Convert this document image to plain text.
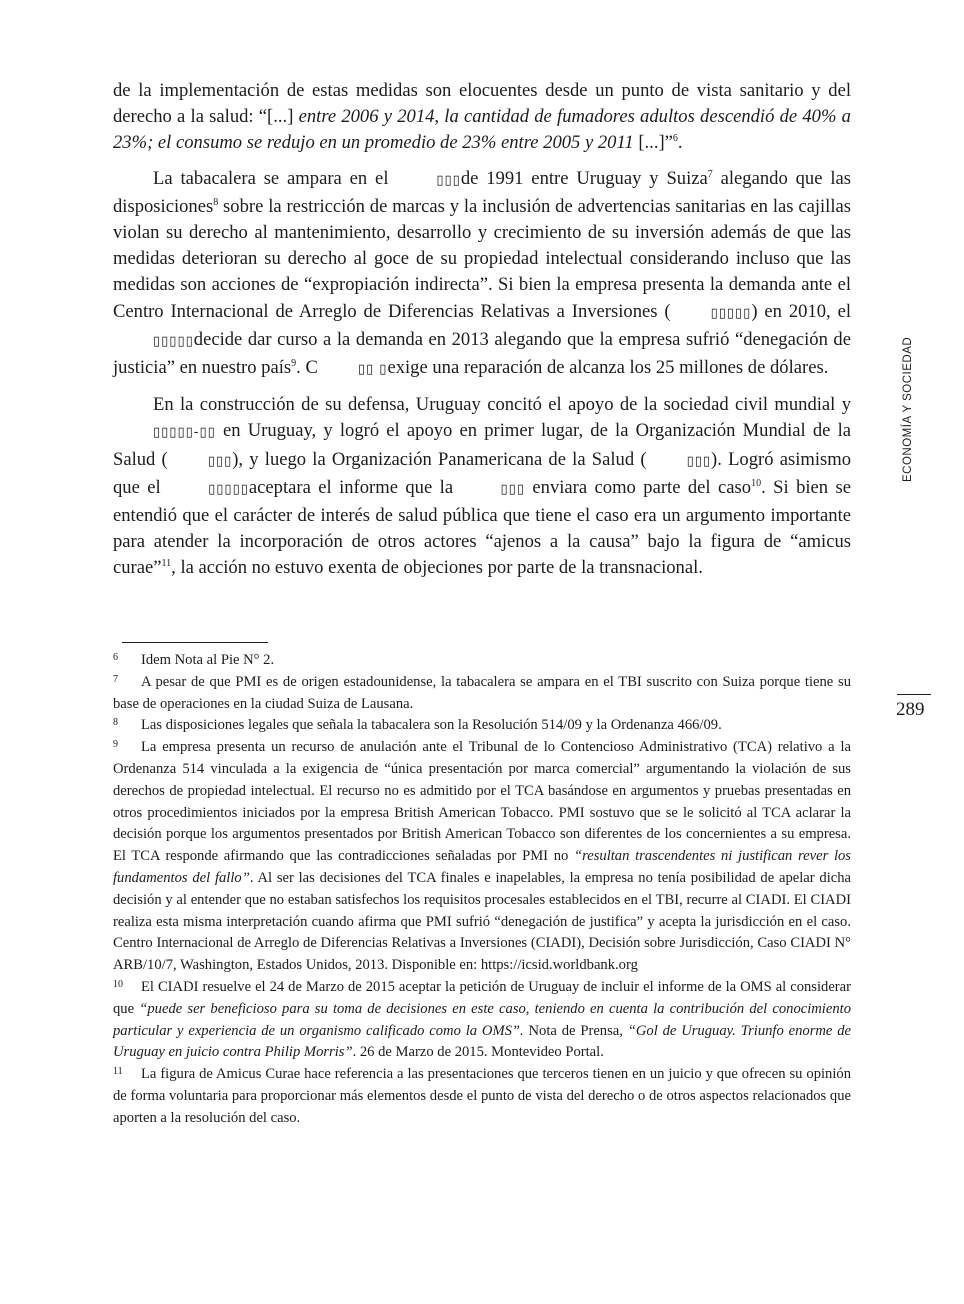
de la implementación de estas medidas son elocuentes desde un punto de vista sanitario y del derecho a la salud: “[...] entre 2006 y 2014, la cantidad de fumadores adultos descendió de 40% a 23%; el consumo se redujo en un promedio de 23% entre 2005 y 2011 [...]”$^6$.

La tabacalera se ampara en el	▯▯▯de 1991 entre Uruguay y Suiza$^7$ alegando que las disposiciones$^8$ sobre la restricción de marcas y la inclusión de advertencias sanitarias en las cajillas violan su derecho al mantenimiento, desarrollo y crecimiento de su inversión además de que las medidas deterioran su derecho al goce de su propiedad intelectual considerando incluso que las medidas son acciones de “expropiación indirecta”. Si bien la empresa presenta la demanda ante el Centro Internacional de Arreglo de Diferencias Relativas a Inversiones (	▯▯▯▯▯) en 2010, el ▯▯▯▯▯decide dar curso a la demanda en 2013 alegando que la empresa sufrió “denegación de justicia” en nuestro país$^9$. C	▯▯ ▯exige una reparación de alcanza los 25 millones de dólares.

En la construcción de su defensa, Uruguay concitó el apoyo de la sociedad civil mundial y ▯▯▯▯▯-▯▯ en Uruguay, y logró el apoyo en primer lugar, de la Organización Mundial de la Salud (	▯▯▯), y luego la Organización Panamericana de la Salud (	▯▯▯). Logró asimismo que el	▯▯▯▯▯aceptara el informe que la	▯▯▯ enviara como parte del caso$^{10}$. Si bien se entendió que el carácter de interés de salud pública que tiene el caso era un argumento importante para atender la incorporación de otros actores “ajenos a la causa” bajo la figura de “amicus curae”$^{11}$, la acción no estuvo exenta de objeciones por parte de la transnacional.

6 Idem Nota al Pie N° 2.

7 A pesar de que PMI es de origen estadounidense, la tabacalera se ampara en el TBI suscrito con Suiza porque tiene su base de operaciones en la ciudad Suiza de Lausana.

8 Las disposiciones legales que señala la tabacalera son la Resolución 514/09 y la Ordenanza 466/09.

9 La empresa presenta un recurso de anulación ante el Tribunal de lo Contencioso Administrativo (TCA) relativo a la Ordenanza 514 vinculada a la exigencia de “única presentación por marca comercial” argumentando la violación de sus derechos de propiedad intelectual. El recurso no es admitido por el TCA basándose en argumentos y pruebas presentadas en otros procedimientos iniciados por la empresa British American Tobacco. PMI sostuvo que se le solicitó al TCA aclarar la decisión porque los argumentos presentados por British American Tobacco son diferentes de los concernientes a su empresa. El TCA responde afirmando que las contradicciones señaladas por PMI no “resultan trascendentes ni justifican rever los fundamentos del fallo”. Al ser las decisiones del TCA finales e inapelables, la empresa no tenía posibilidad de apelar dicha decisión y al entender que no estaban satisfechos los requisitos procesales establecidos en el TBI, recurre al CIADI. El CIADI realiza esta misma interpretación cuando afirma que PMI sufrió “denegación de justifica” y acepta la jurisdicción en el caso. Centro Internacional de Arreglo de Diferencias Relativas a Inversiones (CIADI), Decisión sobre Jurisdicción, Caso CIADI N° ARB/10/7, Washington, Estados Unidos, 2013. Disponible en: https://icsid.worldbank.org

10 El CIADI resuelve el 24 de Marzo de 2015 aceptar la petición de Uruguay de incluir el informe de la OMS al considerar que “puede ser beneficioso para su toma de decisiones en este caso, teniendo en cuenta la contribución del conocimiento particular y experiencia de un organismo calificado como la OMS”. Nota de Prensa, “Gol de Uruguay. Triunfo enorme de Uruguay en juicio contra Philip Morris”. 26 de Marzo de 2015. Montevideo Portal.

11 La figura de Amicus Curae hace referencia a las presentaciones que terceros tienen en un juicio y que ofrecen su opinión de forma voluntaria para proporcionar más elementos desde el punto de vista del derecho o de otros aspectos relacionados que aporten a la resolución del caso.

ECONOMÍA Y SOCIEDAD
289
